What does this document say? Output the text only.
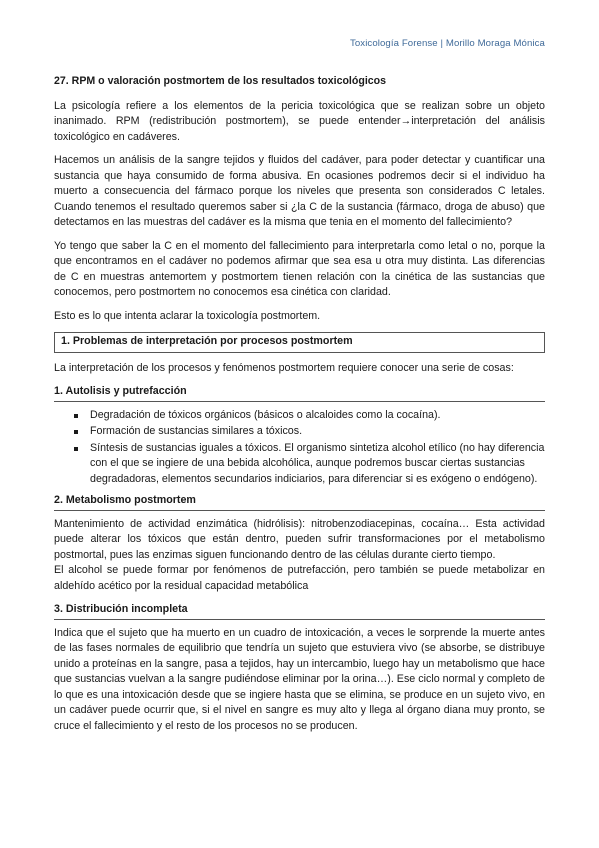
Toxicología Forense | Morillo Moraga Mónica
27. RPM o valoración postmortem de los resultados toxicológicos

La psicología refiere a los elementos de la pericia toxicológica que se realizan sobre un objeto inanimado. RPM (redistribución postmortem), se puede entender→interpretación del análisis toxicológico en cadáveres.

Hacemos un análisis de la sangre tejidos y fluidos del cadáver, para poder detectar y cuantificar una sustancia que haya consumido de forma abusiva. En ocasiones podremos decir si el individuo ha muerto a consecuencia del fármaco porque los niveles que presenta son considerados C letales. Cuando tenemos el resultado queremos saber si ¿la C de la sustancia (fármaco, droga de abuso) que detectamos en las muestras del cadáver es la misma que tenia en el momento del fallecimiento?

Yo tengo que saber la C en el momento del fallecimiento para interpretarla como letal o no, porque la que encontramos en el cadáver no podemos afirmar que sea esa u otra muy distinta. Las diferencias de C en muestras antemortem y postmortem tienen relación con la cinética de las sustancias que conocemos, pero postmortem no conocemos esa cinética con claridad.

Esto es lo que intenta aclarar la toxicología postmortem.

1. Problemas de interpretación por procesos postmortem

La interpretación de los procesos y fenómenos postmortem requiere conocer una serie de cosas:

1. Autolisis y putrefacción
Degradación de tóxicos orgánicos (básicos o alcaloides como la cocaína).
Formación de sustancias similares a tóxicos.
Síntesis de sustancias iguales a tóxicos. El organismo sintetiza alcohol etílico (no hay diferencia con el que se ingiere de una bebida alcohólica, aunque podremos buscar ciertas sustancias degradadoras, elementos secundarios indiciarios, para diferenciar si es exógeno o endógeno).
2. Metabolismo postmortem

Mantenimiento de actividad enzimática (hidrólisis): nitrobenzodiacepinas, cocaína… Esta actividad puede alterar los tóxicos que están dentro, pueden sufrir transformaciones por el metabolismo postmortal, pues las enzimas siguen funcionando dentro de las células durante cierto tiempo.

El alcohol se puede formar por fenómenos de putrefacción, pero también se puede metabolizar en aldehído acético por la residual capacidad metabólica

3. Distribución incompleta

Indica que el sujeto que ha muerto en un cuadro de intoxicación, a veces le sorprende la muerte antes de las fases normales de equilibrio que tendría un sujeto que estuviera vivo (se absorbe, se distribuye unido a proteínas en la sangre, pasa a tejidos, hay un intercambio, luego hay un metabolismo que hace que sustancias vuelvan a la sangre pudiéndose eliminar por la orina…). Ese ciclo normal y completo de lo que es una intoxicación desde que se ingiere hasta que se elimina, se produce en un sujeto vivo, en un cadáver puede ocurrir que, si el nivel en sangre es muy alto y llega al órgano diana muy pronto, se cruce el fallecimiento y el resto de los procesos no se producen.
